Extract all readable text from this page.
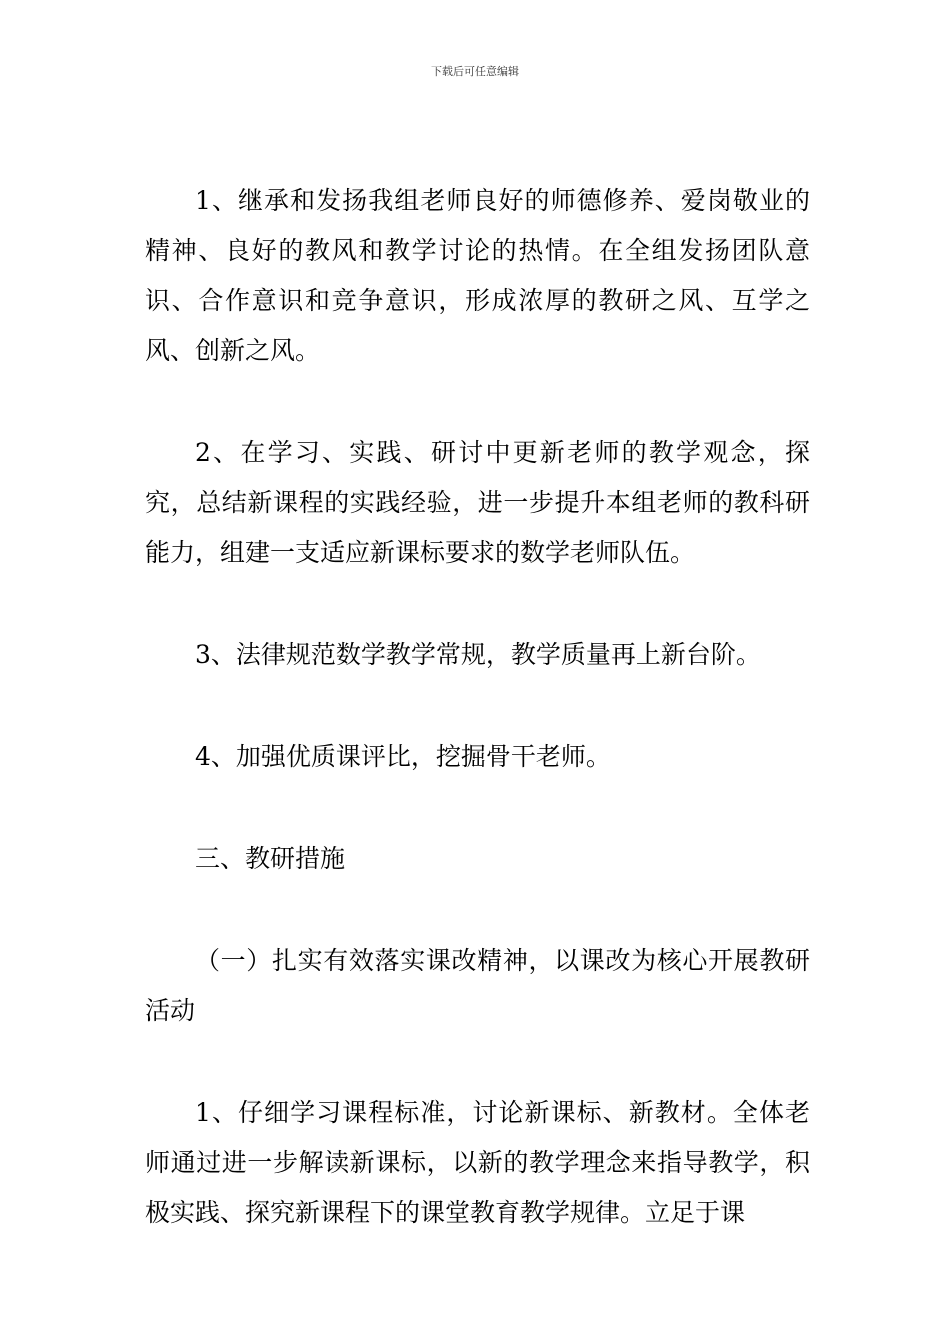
下载后可任意编辑

1、继承和发扬我组老师良好的师德修养、爱岗敬业的精神、良好的教风和教学讨论的热情。在全组发扬团队意识、合作意识和竞争意识，形成浓厚的教研之风、互学之风、创新之风。

2、在学习、实践、研讨中更新老师的教学观念，探究，总结新课程的实践经验，进一步提升本组老师的教科研能力，组建一支适应新课标要求的数学老师队伍。

3、法律规范数学教学常规，教学质量再上新台阶。

4、加强优质课评比，挖掘骨干老师。

三、教研措施

（一）扎实有效落实课改精神，以课改为核心开展教研活动

1、仔细学习课程标准，讨论新课标、新教材。全体老师通过进一步解读新课标，以新的教学理念来指导教学，积极实践、探究新课程下的课堂教育教学规律。立足于课
